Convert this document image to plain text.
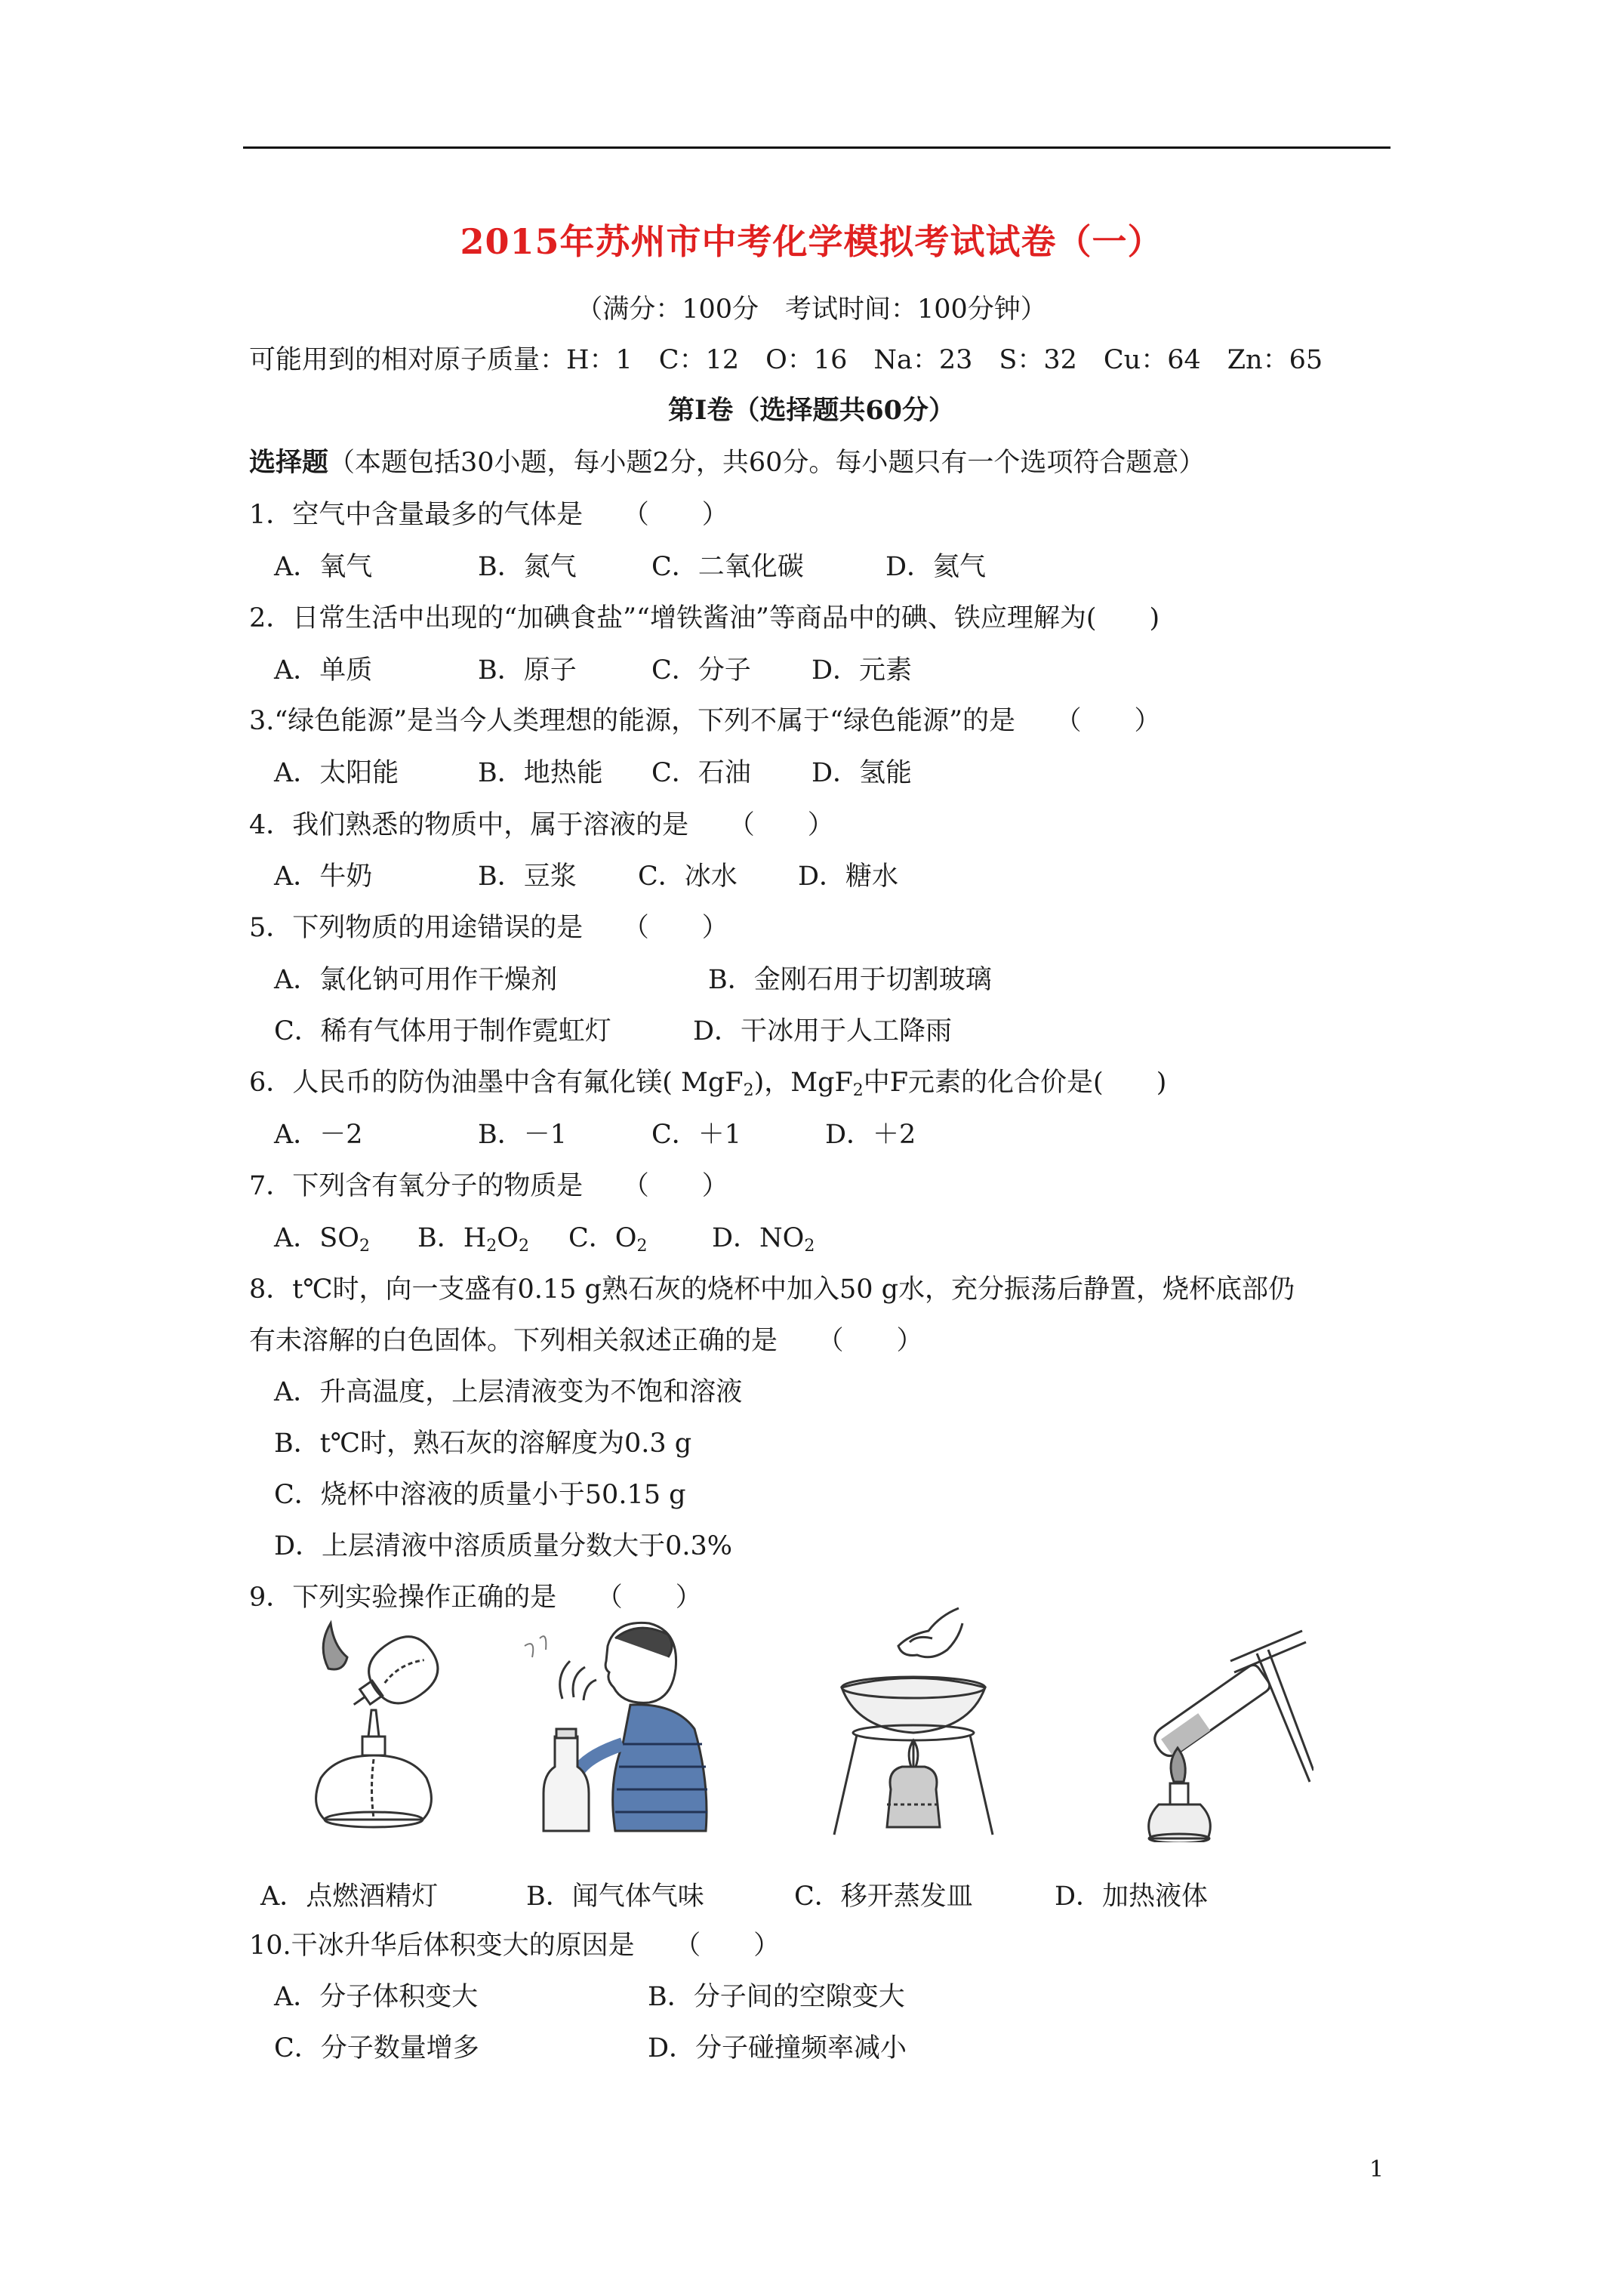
2015年苏州市中考化学模拟考试试卷（一）
（满分：100分　考试时间：100分钟）
可能用到的相对原子质量：H：1　C：12　O：16　Na：23　S：32　Cu：64　Zn：65
第Ⅰ卷（选择题共60分）
选择题（本题包括30小题，每小题2分，共60分。每小题只有一个选项符合题意）
1．空气中含量最多的气体是　　（　　）
A．氧气	B．氮气	C．二氧化碳	D．氦气
2．日常生活中出现的“加碘食盐”“增铁酱油”等商品中的碘、铁应理解为(　　)
A．单质	B．原子	C．分子 D．元素
3.“绿色能源”是当今人类理想的能源，下列不属于“绿色能源”的是　　（　　）
A．太阳能	B．地热能 C．石油 D．氢能
4．我们熟悉的物质中，属于溶液的是　　（　　）
A．牛奶	B．豆浆 C．冰水 D．糖水
5．下列物质的用途错误的是　　（　　）
A．氯化钠可用作干燥剂	B．金刚石用于切割玻璃
C．稀有气体用于制作霓虹灯	D．干冰用于人工降雨
6．人民币的防伪油墨中含有氟化镁( MgF$_2$)，MgF$_2$中F元素的化合价是(　　)
A．－2	B．－1	C．＋1	D．＋2
7．下列含有氧分子的物质是　　（　　）
A．$SO_2$ B．$H_2O_2$ C．$O_2$ D．$NO_2$
8．t℃时，向一支盛有0.15 g熟石灰的烧杯中加入50 g水，充分振荡后静置，烧杯底部仍
有未溶解的白色固体。下列相关叙述正确的是　　（　　）
A．升高温度，上层清液变为不饱和溶液
B．t℃时，熟石灰的溶解度为0.3 g
C．烧杯中溶液的质量小于50.15 g
D．上层清液中溶质质量分数大于0.3%
9．下列实验操作正确的是　　（　　）
A．点燃酒精灯	B．闻气体气味	C．移开蒸发皿	D．加热液体
10.干冰升华后体积变大的原因是　　（　　）
A．分子体积变大	B．分子间的空隙变大
C．分子数量增多	D．分子碰撞频率减小
1
